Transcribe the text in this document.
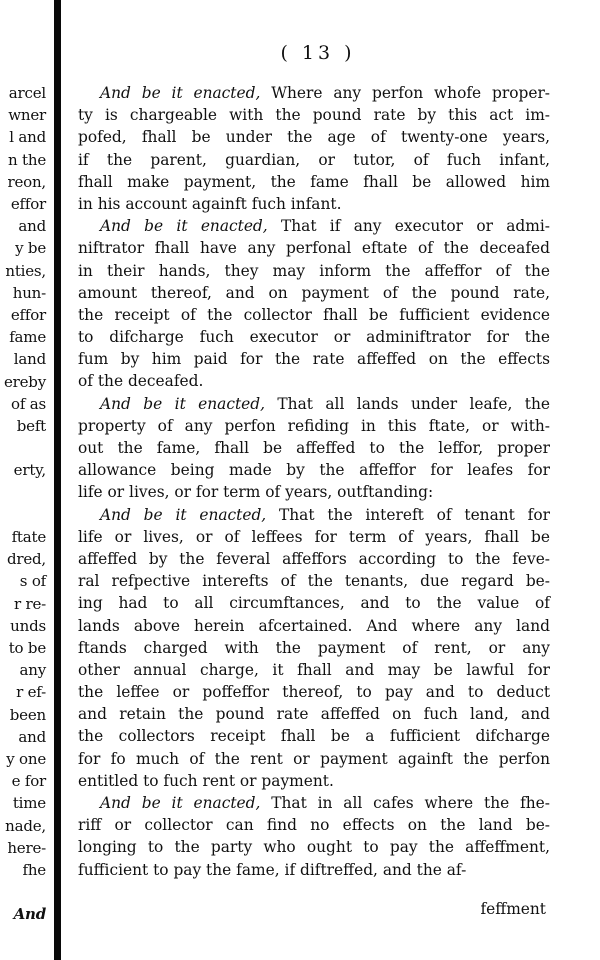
arcel
wner
l and
n the
reon,
effor
and
y be
nties,
hun-
effor
fame
land
ereby
of as
beft
erty,
ftate
dred,
s of
r re-
unds
to be
any
r ef-
been
and
y one
e for
time
nade,
here-
fhe
And
( 13 )
And be it enacted, Where any perfon whofe proper-
ty is chargeable with the pound rate by this act im-
pofed, fhall be under the age of twenty-one years,
if the parent, guardian, or tutor, of fuch infant,
fhall make payment, the fame fhall be allowed him
in his account againft fuch infant.
And be it enacted, That if any executor or admi-
niftrator fhall have any perfonal eftate of the deceafed
in their hands, they may inform the affeffor of the
amount thereof, and on payment of the pound rate,
the receipt of the collector fhall be fufficient evidence
to difcharge fuch executor or adminiftrator for the
fum by him paid for the rate affeffed on the effects
of the deceafed.
And be it enacted, That all lands under leafe, the
property of any perfon refiding in this ftate, or with-
out the fame, fhall be affeffed to the leffor, proper
allowance being made by the affeffor for leafes for
life or lives, or for term of years, outftanding:
And be it enacted, That the intereft of tenant for
life or lives, or of leffees for term of years, fhall be
affeffed by the feveral affeffors according to the feve-
ral refpective interefts of the tenants, due regard be-
ing had to all circumftances, and to the value of
lands above herein afcertained. And where any land
ftands charged with the payment of rent, or any
other annual charge, it fhall and may be lawful for
the leffee or poffeffor thereof, to pay and to deduct
and retain the pound rate affeffed on fuch land, and
the collectors receipt fhall be a fufficient difcharge
for fo much of the rent or payment againft the perfon
entitled to fuch rent or payment.
And be it enacted, That in all cafes where the fhe-
riff or collector can find no effects on the land be-
longing to the party who ought to pay the affeffment,
fufficient to pay the fame, if diftreffed, and the af-
feffment
